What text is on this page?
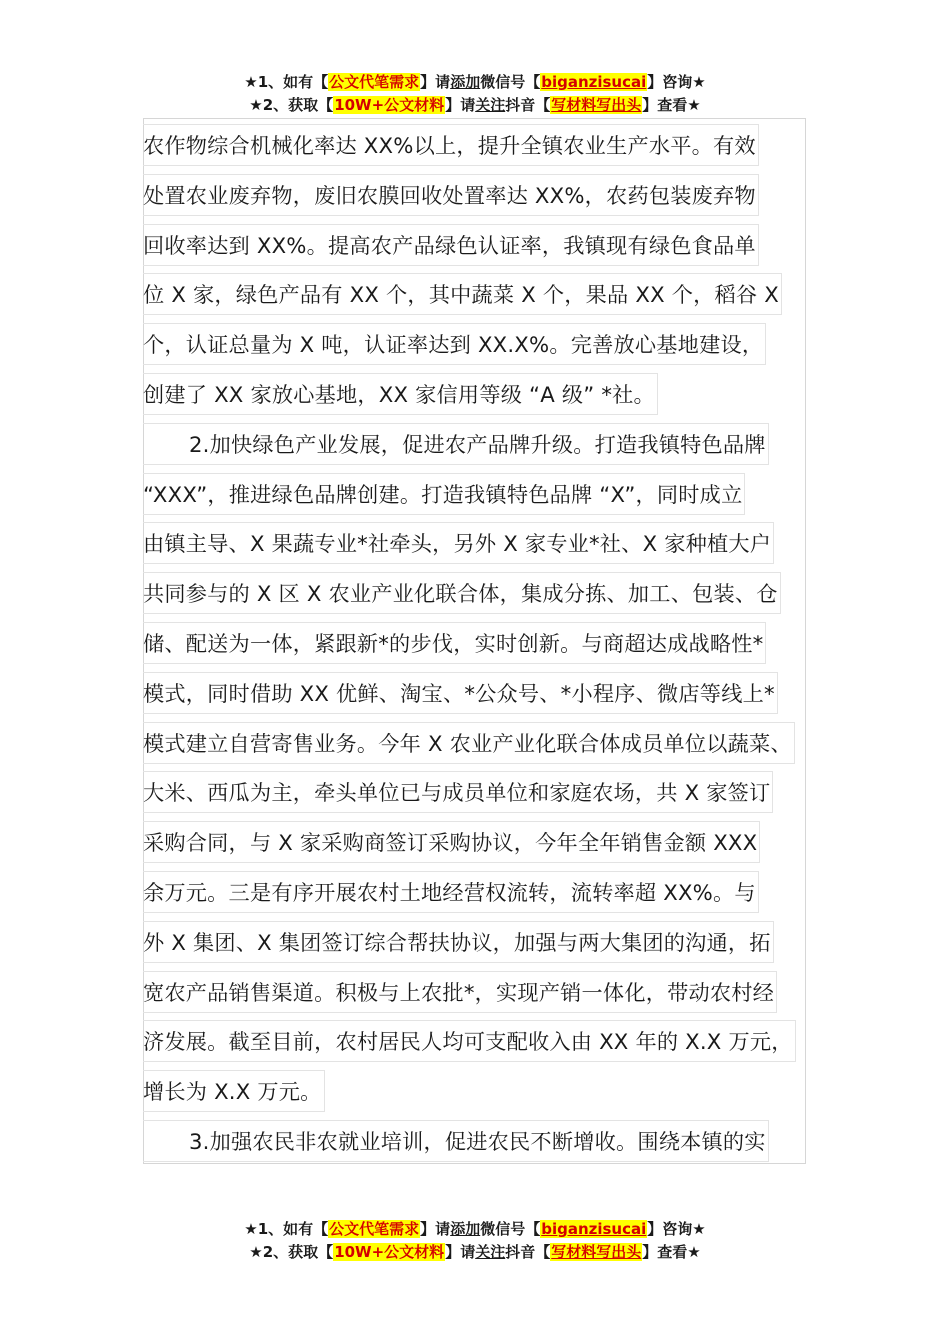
★1、如有【公文代笔需求】请添加微信号【biganzisucai】咨询★
★2、获取【10W+公文材料】请关注抖音【写材料写出头】查看★
农作物综合机械化率达 XX%以上，提升全镇农业生产水平。有效
处置农业废弃物，废旧农膜回收处置率达 XX%，农药包装废弃物
回收率达到 XX%。提高农产品绿色认证率，我镇现有绿色食品单
位 X 家，绿色产品有 XX 个，其中蔬菜 X 个，果品 XX 个，稻谷 X
个，认证总量为 X 吨，认证率达到 XX.X%。完善放心基地建设，
创建了 XX 家放心基地，XX 家信用等级 “A 级” *社。
2.加快绿色产业发展，促进农产品牌升级。打造我镇特色品牌
“XXX”，推进绿色品牌创建。打造我镇特色品牌 “X”，同时成立
由镇主导、X 果蔬专业*社牵头，另外 X 家专业*社、X 家种植大户
共同参与的 X 区 X 农业产业化联合体，集成分拣、加工、包装、仓
储、配送为一体，紧跟新*的步伐，实时创新。与商超达成战略性*
模式，同时借助 XX 优鲜、淘宝、*公众号、*小程序、微店等线上*
模式建立自营寄售业务。今年 X 农业产业化联合体成员单位以蔬菜、
大米、西瓜为主，牵头单位已与成员单位和家庭农场，共 X 家签订
采购合同，与 X 家采购商签订采购协议，今年全年销售金额 XXX
余万元。三是有序开展农村土地经营权流转，流转率超 XX%。与
外 X 集团、X 集团签订综合帮扶协议，加强与两大集团的沟通，拓
宽农产品销售渠道。积极与上农批*，实现产销一体化，带动农村经
济发展。截至目前，农村居民人均可支配收入由 XX 年的 X.X 万元，
增长为 X.X 万元。
3.加强农民非农就业培训，促进农民不断增收。围绕本镇的实
★1、如有【公文代笔需求】请添加微信号【biganzisucai】咨询★
★2、获取【10W+公文材料】请关注抖音【写材料写出头】查看★
